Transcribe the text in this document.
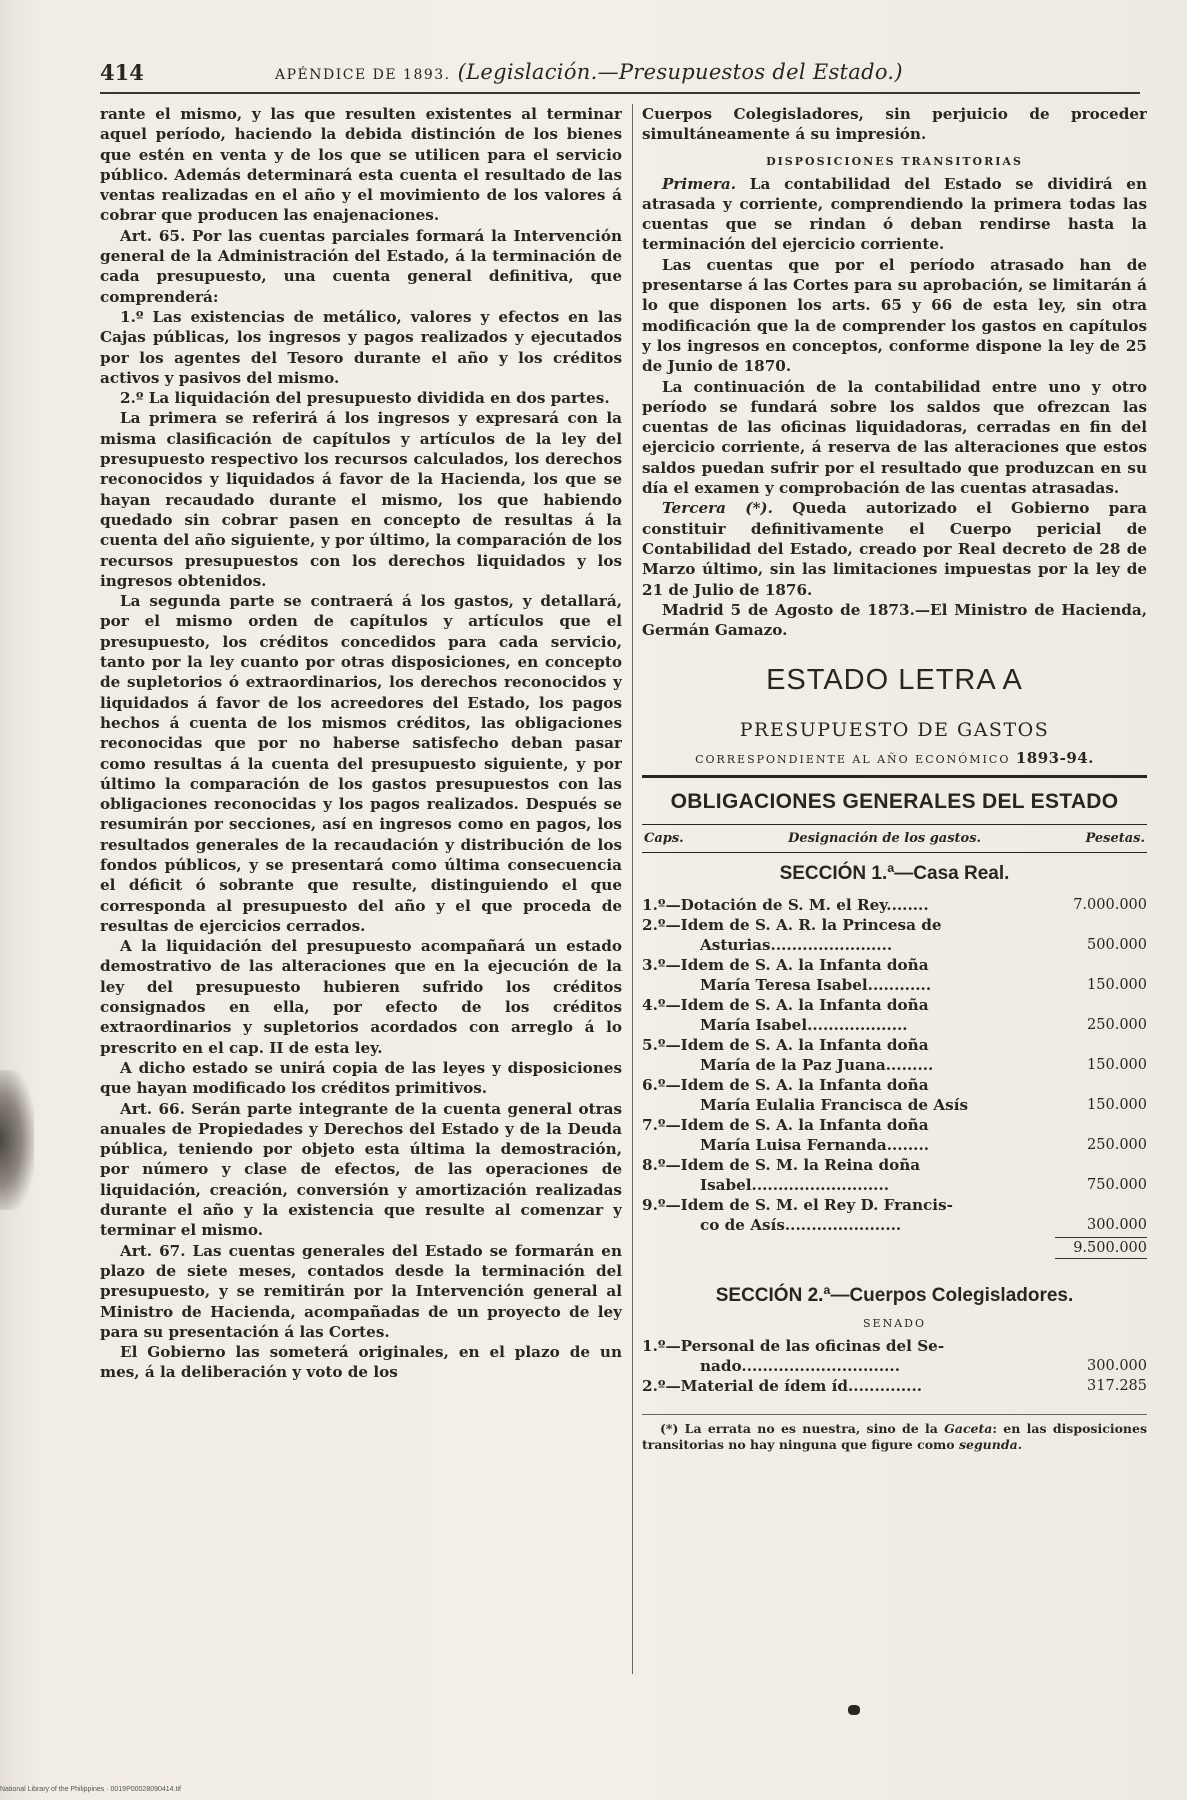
414	APÉNDICE DE 1893. (Legislación.—Presupuestos del Estado.)

rante el mismo, y las que resulten existentes al terminar aquel período, haciendo la debida distinción de los bienes que estén en venta y de los que se utilicen para el servicio público. Además determinará esta cuenta el resultado de las ventas realizadas en el año y el movimiento de los valores á cobrar que producen las enajenaciones.

Art. 65. Por las cuentas parciales formará la Intervención general de la Administración del Estado, á la terminación de cada presupuesto, una cuenta general definitiva, que comprenderá:

1.º Las existencias de metálico, valores y efectos en las Cajas públicas, los ingresos y pagos realizados y ejecutados por los agentes del Tesoro durante el año y los créditos activos y pasivos del mismo.

2.º La liquidación del presupuesto dividida en dos partes.

La primera se referirá á los ingresos y expresará con la misma clasificación de capítulos y artículos de la ley del presupuesto respectivo los recursos calculados, los derechos reconocidos y liquidados á favor de la Hacienda, los que se hayan recaudado durante el mismo, los que habiendo quedado sin cobrar pasen en concepto de resultas á la cuenta del año siguiente, y por último, la comparación de los recursos presupuestos con los derechos liquidados y los ingresos obtenidos.

La segunda parte se contraerá á los gastos, y detallará, por el mismo orden de capítulos y artículos que el presupuesto, los créditos concedidos para cada servicio, tanto por la ley cuanto por otras disposiciones, en concepto de supletorios ó extraordinarios, los derechos reconocidos y liquidados á favor de los acreedores del Estado, los pagos hechos á cuenta de los mismos créditos, las obligaciones reconocidas que por no haberse satisfecho deban pasar como resultas á la cuenta del presupuesto siguiente, y por último la comparación de los gastos presupuestos con las obligaciones reconocidas y los pagos realizados. Después se resumirán por secciones, así en ingresos como en pagos, los resultados generales de la recaudación y distribución de los fondos públicos, y se presentará como última consecuencia el déficit ó sobrante que resulte, distinguiendo el que corresponda al presupuesto del año y el que proceda de resultas de ejercicios cerrados.

A la liquidación del presupuesto acompañará un estado demostrativo de las alteraciones que en la ejecución de la ley del presupuesto hubieren sufrido los créditos consignados en ella, por efecto de los créditos extraordinarios y supletorios acordados con arreglo á lo prescrito en el cap. II de esta ley.

A dicho estado se unirá copia de las leyes y disposiciones que hayan modificado los créditos primitivos.

Art. 66. Serán parte integrante de la cuenta general otras anuales de Propiedades y Derechos del Estado y de la Deuda pública, teniendo por objeto esta última la demostración, por número y clase de efectos, de las operaciones de liquidación, creación, conversión y amortización realizadas durante el año y la existencia que resulte al comenzar y terminar el mismo.

Art. 67. Las cuentas generales del Estado se formarán en plazo de siete meses, contados desde la terminación del presupuesto, y se remitirán por la Intervención general al Ministro de Hacienda, acompañadas de un proyecto de ley para su presentación á las Cortes.

El Gobierno las someterá originales, en el plazo de un mes, á la deliberación y voto de los

Cuerpos Colegisladores, sin perjuicio de proceder simultáneamente á su impresión.

DISPOSICIONES TRANSITORIAS

Primera. La contabilidad del Estado se dividirá en atrasada y corriente, comprendiendo la primera todas las cuentas que se rindan ó deban rendirse hasta la terminación del ejercicio corriente.

Las cuentas que por el período atrasado han de presentarse á las Cortes para su aprobación, se limitarán á lo que disponen los arts. 65 y 66 de esta ley, sin otra modificación que la de comprender los gastos en capítulos y los ingresos en conceptos, conforme dispone la ley de 25 de Junio de 1870.

La continuación de la contabilidad entre uno y otro período se fundará sobre los saldos que ofrezcan las cuentas de las oficinas liquidadoras, cerradas en fin del ejercicio corriente, á reserva de las alteraciones que estos saldos puedan sufrir por el resultado que produzcan en su día el examen y comprobación de las cuentas atrasadas.

Tercera (*). Queda autorizado el Gobierno para constituir definitivamente el Cuerpo pericial de Contabilidad del Estado, creado por Real decreto de 28 de Marzo último, sin las limitaciones impuestas por la ley de 21 de Julio de 1876.

Madrid 5 de Agosto de 1873.—El Ministro de Hacienda, Germán Gamazo.

ESTADO LETRA A
PRESUPUESTO DE GASTOS
CORRESPONDIENTE AL AÑO ECONÓMICO 1893-94.
OBLIGACIONES GENERALES DEL ESTADO
Caps.	Designación de los gastos.	Pesetas.
SECCIÓN 1.ª—Casa Real.
1.º—Dotación de S. M. el Rey........	7.000.000
2.º—Idem de S. A. R. la Princesa de
Asturias.......................	500.000
3.º—Idem de S. A. la Infanta doña
María Teresa Isabel............	150.000
4.º—Idem de S. A. la Infanta doña
María Isabel...................	250.000
5.º—Idem de S. A. la Infanta doña
María de la Paz Juana.........	150.000
6.º—Idem de S. A. la Infanta doña
María Eulalia Francisca de Asís	150.000
7.º—Idem de S. A. la Infanta doña
María Luisa Fernanda........	250.000
8.º—Idem de S. M. la Reina doña
Isabel..........................	750.000
9.º—Idem de S. M. el Rey D. Francis-
co de Asís......................	300.000
9.500.000
SECCIÓN 2.ª—Cuerpos Colegisladores.
SENADO
1.º—Personal de las oficinas del Se-
nado..............................	300.000
2.º—Material de ídem íd..............	317.285
(*) La errata no es nuestra, sino de la Gaceta: en las disposiciones transitorias no hay ninguna que figure como segunda.
National Library of the Philippines · 0019P00028090414.tif
